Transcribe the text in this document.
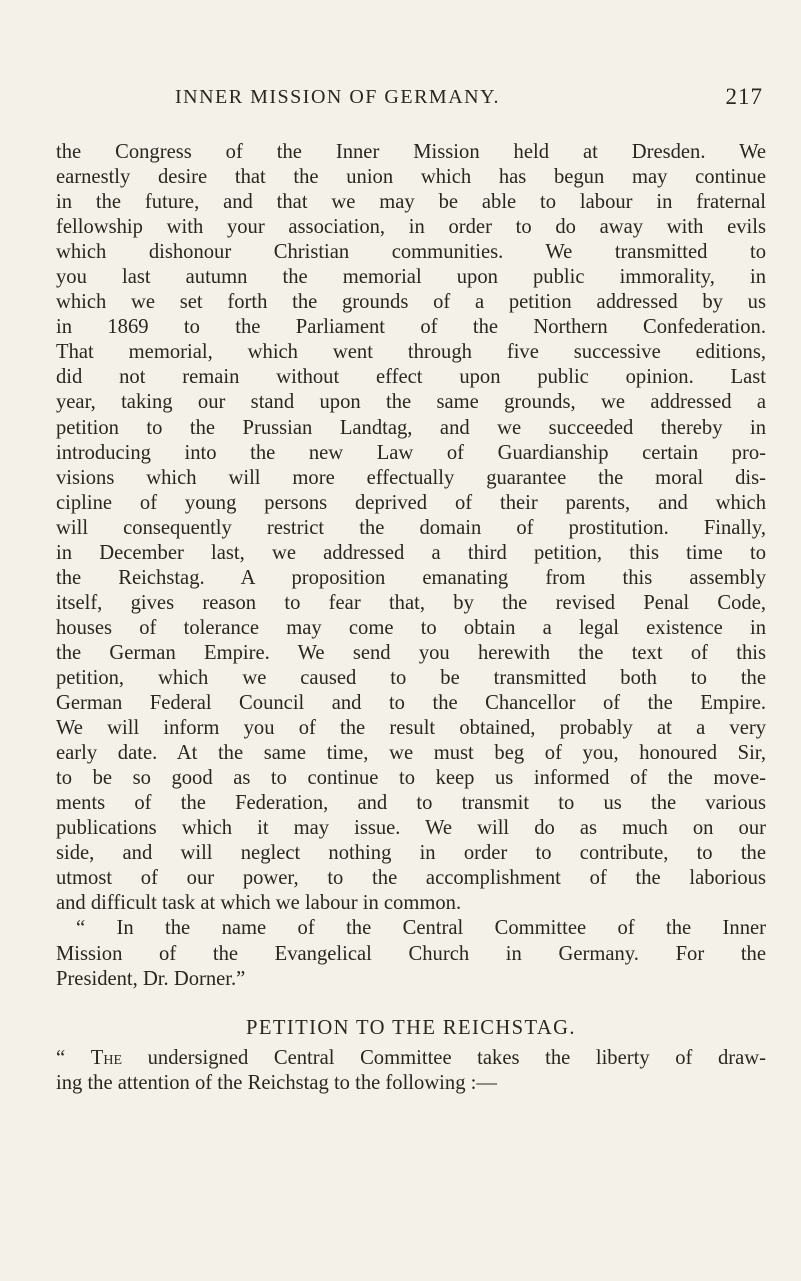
INNER MISSION OF GERMANY.	217
the Congress of the Inner Mission held at Dresden. We
earnestly desire that the union which has begun may continue
in the future, and that we may be able to labour in fraternal
fellowship with your association, in order to do away with evils
which dishonour Christian communities. We transmitted to
you last autumn the memorial upon public immorality, in
which we set forth the grounds of a petition addressed by us
in 1869 to the Parliament of the Northern Confederation.
That memorial, which went through five successive editions,
did not remain without effect upon public opinion. Last
year, taking our stand upon the same grounds, we addressed a
petition to the Prussian Landtag, and we succeeded thereby in
introducing into the new Law of Guardianship certain pro-
visions which will more effectually guarantee the moral dis-
cipline of young persons deprived of their parents, and which
will consequently restrict the domain of prostitution. Finally,
in December last, we addressed a third petition, this time to
the Reichstag. A proposition emanating from this assembly
itself, gives reason to fear that, by the revised Penal Code,
houses of tolerance may come to obtain a legal existence in
the German Empire. We send you herewith the text of this
petition, which we caused to be transmitted both to the
German Federal Council and to the Chancellor of the Empire.
We will inform you of the result obtained, probably at a very
early date. At the same time, we must beg of you, honoured Sir,
to be so good as to continue to keep us informed of the move-
ments of the Federation, and to transmit to us the various
publications which it may issue. We will do as much on our
side, and will neglect nothing in order to contribute, to the
utmost of our power, to the accomplishment of the laborious
and difficult task at which we labour in common.
“ In the name of the Central Committee of the Inner
Mission of the Evangelical Church in Germany. For the
President, Dr. Dorner.”
PETITION TO THE REICHSTAG.
“ The undersigned Central Committee takes the liberty of draw-
ing the attention of the Reichstag to the following :—
